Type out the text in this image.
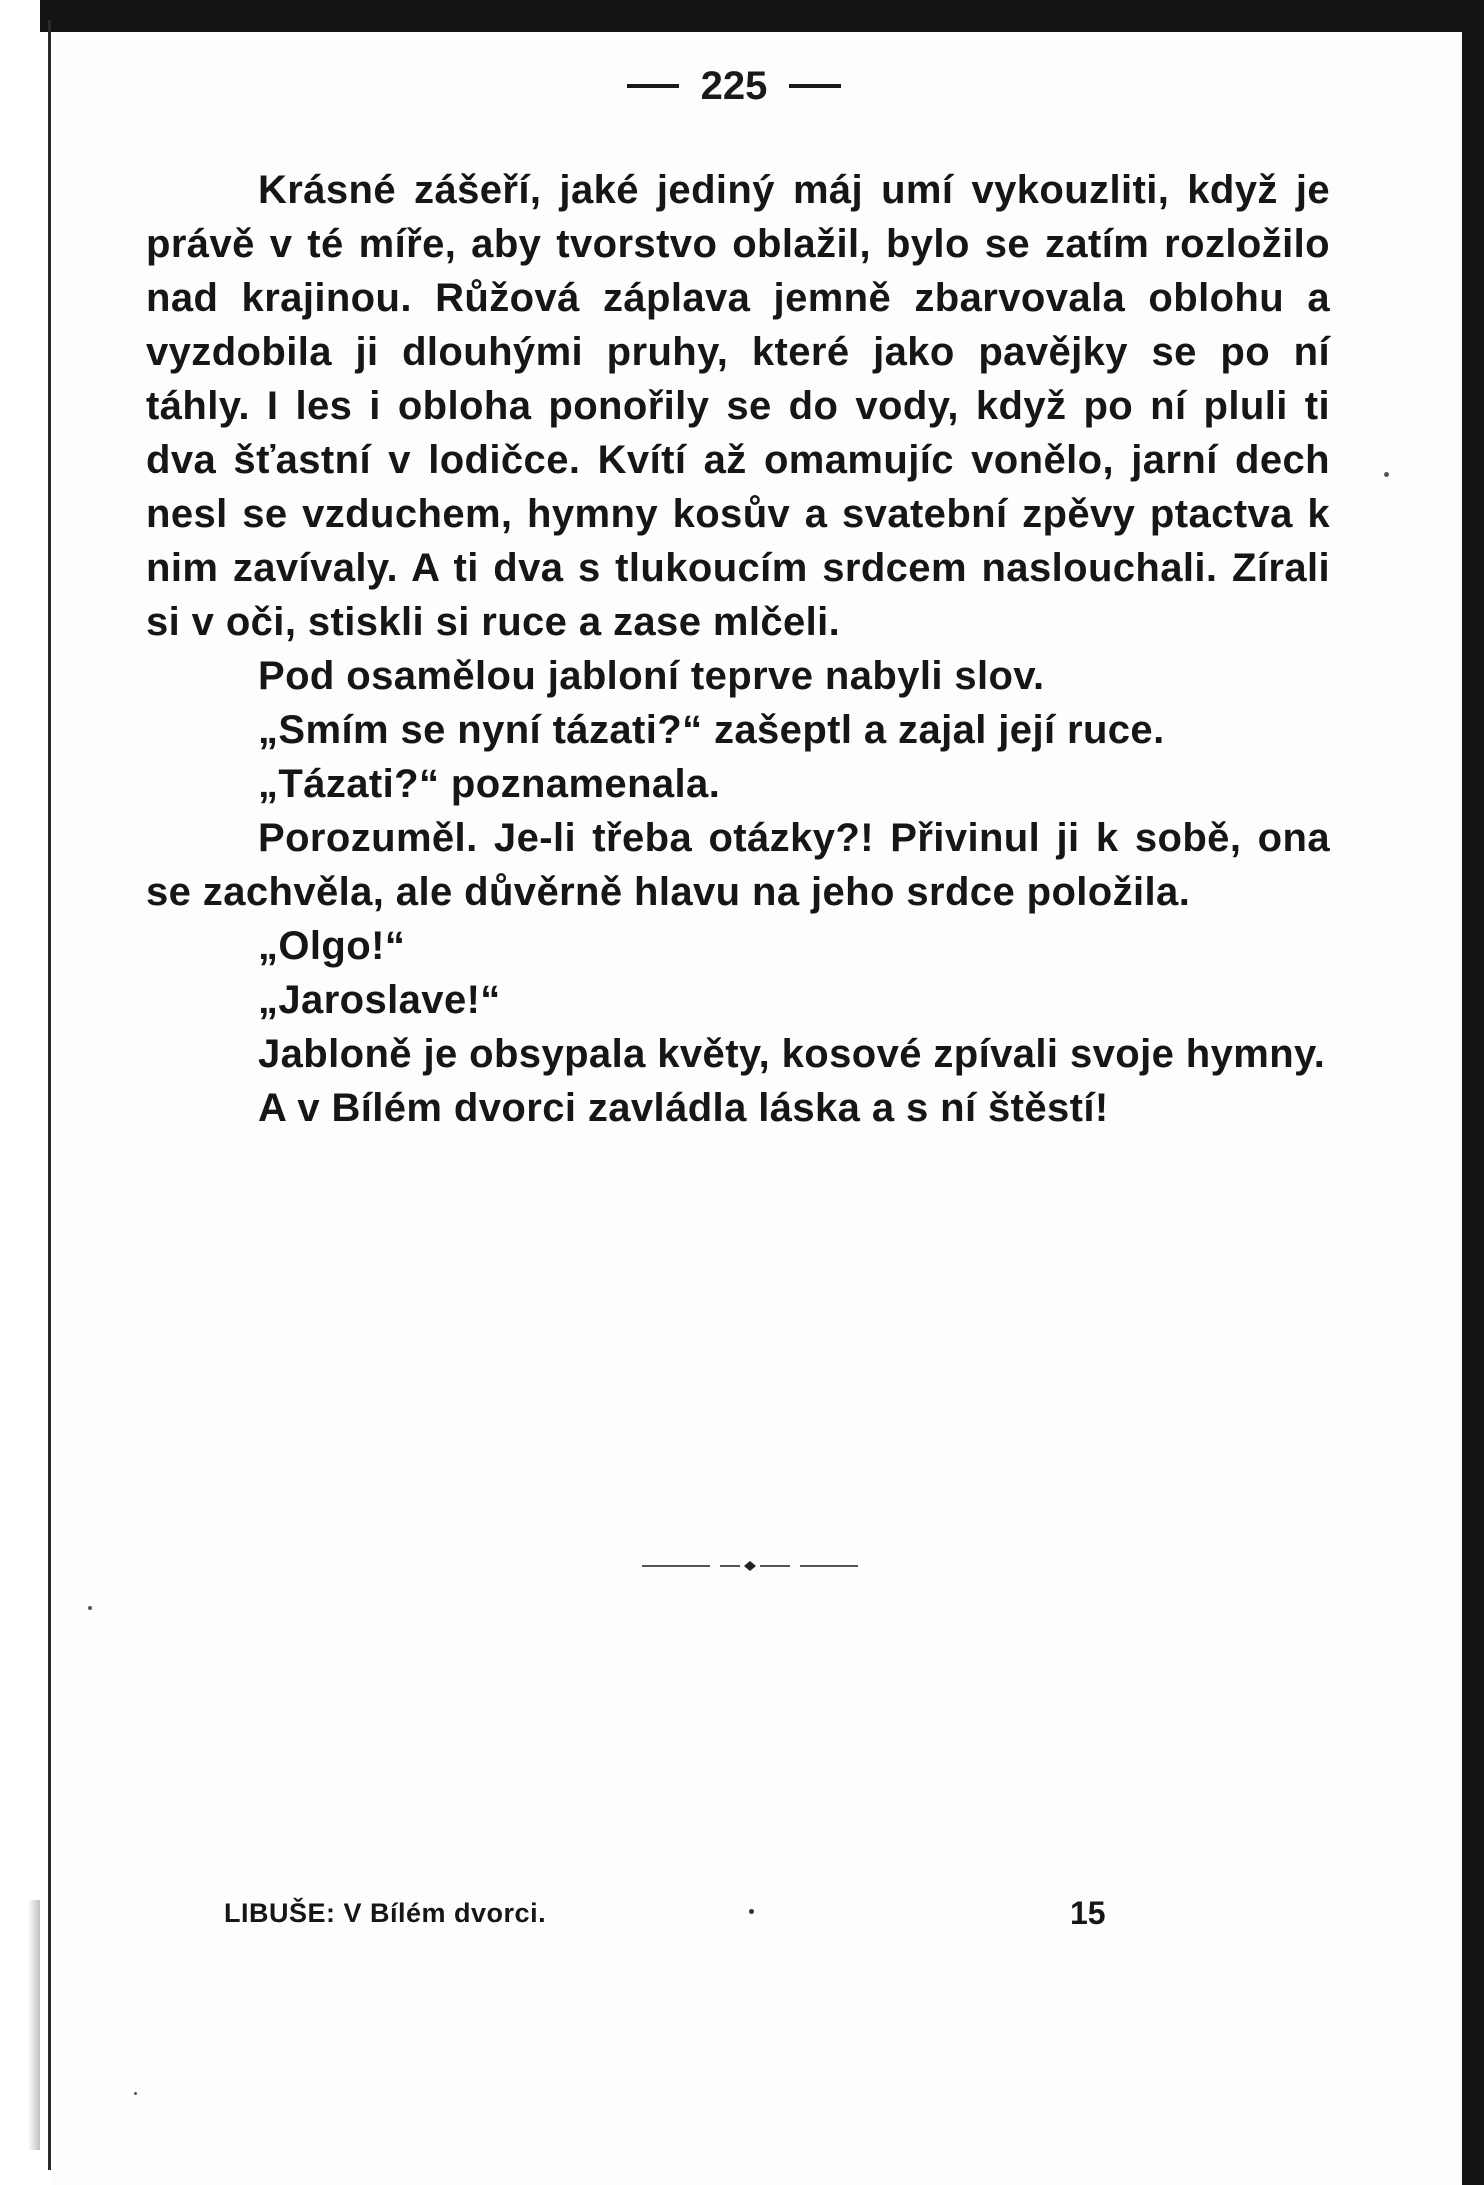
225

Krásné zášeří, jaké jediný máj umí vykouzliti, když je právě v té míře, aby tvorstvo oblažil, bylo se zatím rozložilo nad krajinou. Růžová záplava jemně zbarvovala oblohu a vyzdobila ji dlouhými pruhy, které jako pavějky se po ní táhly. I les i obloha ponořily se do vody, když po ní pluli ti dva šťastní v lodičce. Kvítí až omamujíc vonělo, jarní dech nesl se vzduchem, hymny kosův a svatební zpěvy ptactva k nim zavívaly. A ti dva s tlukoucím srdcem naslouchali. Zírali si v oči, stiskli si ruce a zase mlčeli.

Pod osamělou jabloní teprve nabyli slov.

„Smím se nyní tázati?“ zašeptl a zajal její ruce.

„Tázati?“ poznamenala.

Porozuměl. Je-li třeba otázky?! Přivinul ji k sobě, ona se zachvěla, ale důvěrně hlavu na jeho srdce položila.

„Olgo!“

„Jaroslave!“

Jabloně je obsypala květy, kosové zpívali svoje hymny.

A v Bílém dvorci zavládla láska a s ní štěstí!

LIBUŠE: V Bílém dvorci.	15
